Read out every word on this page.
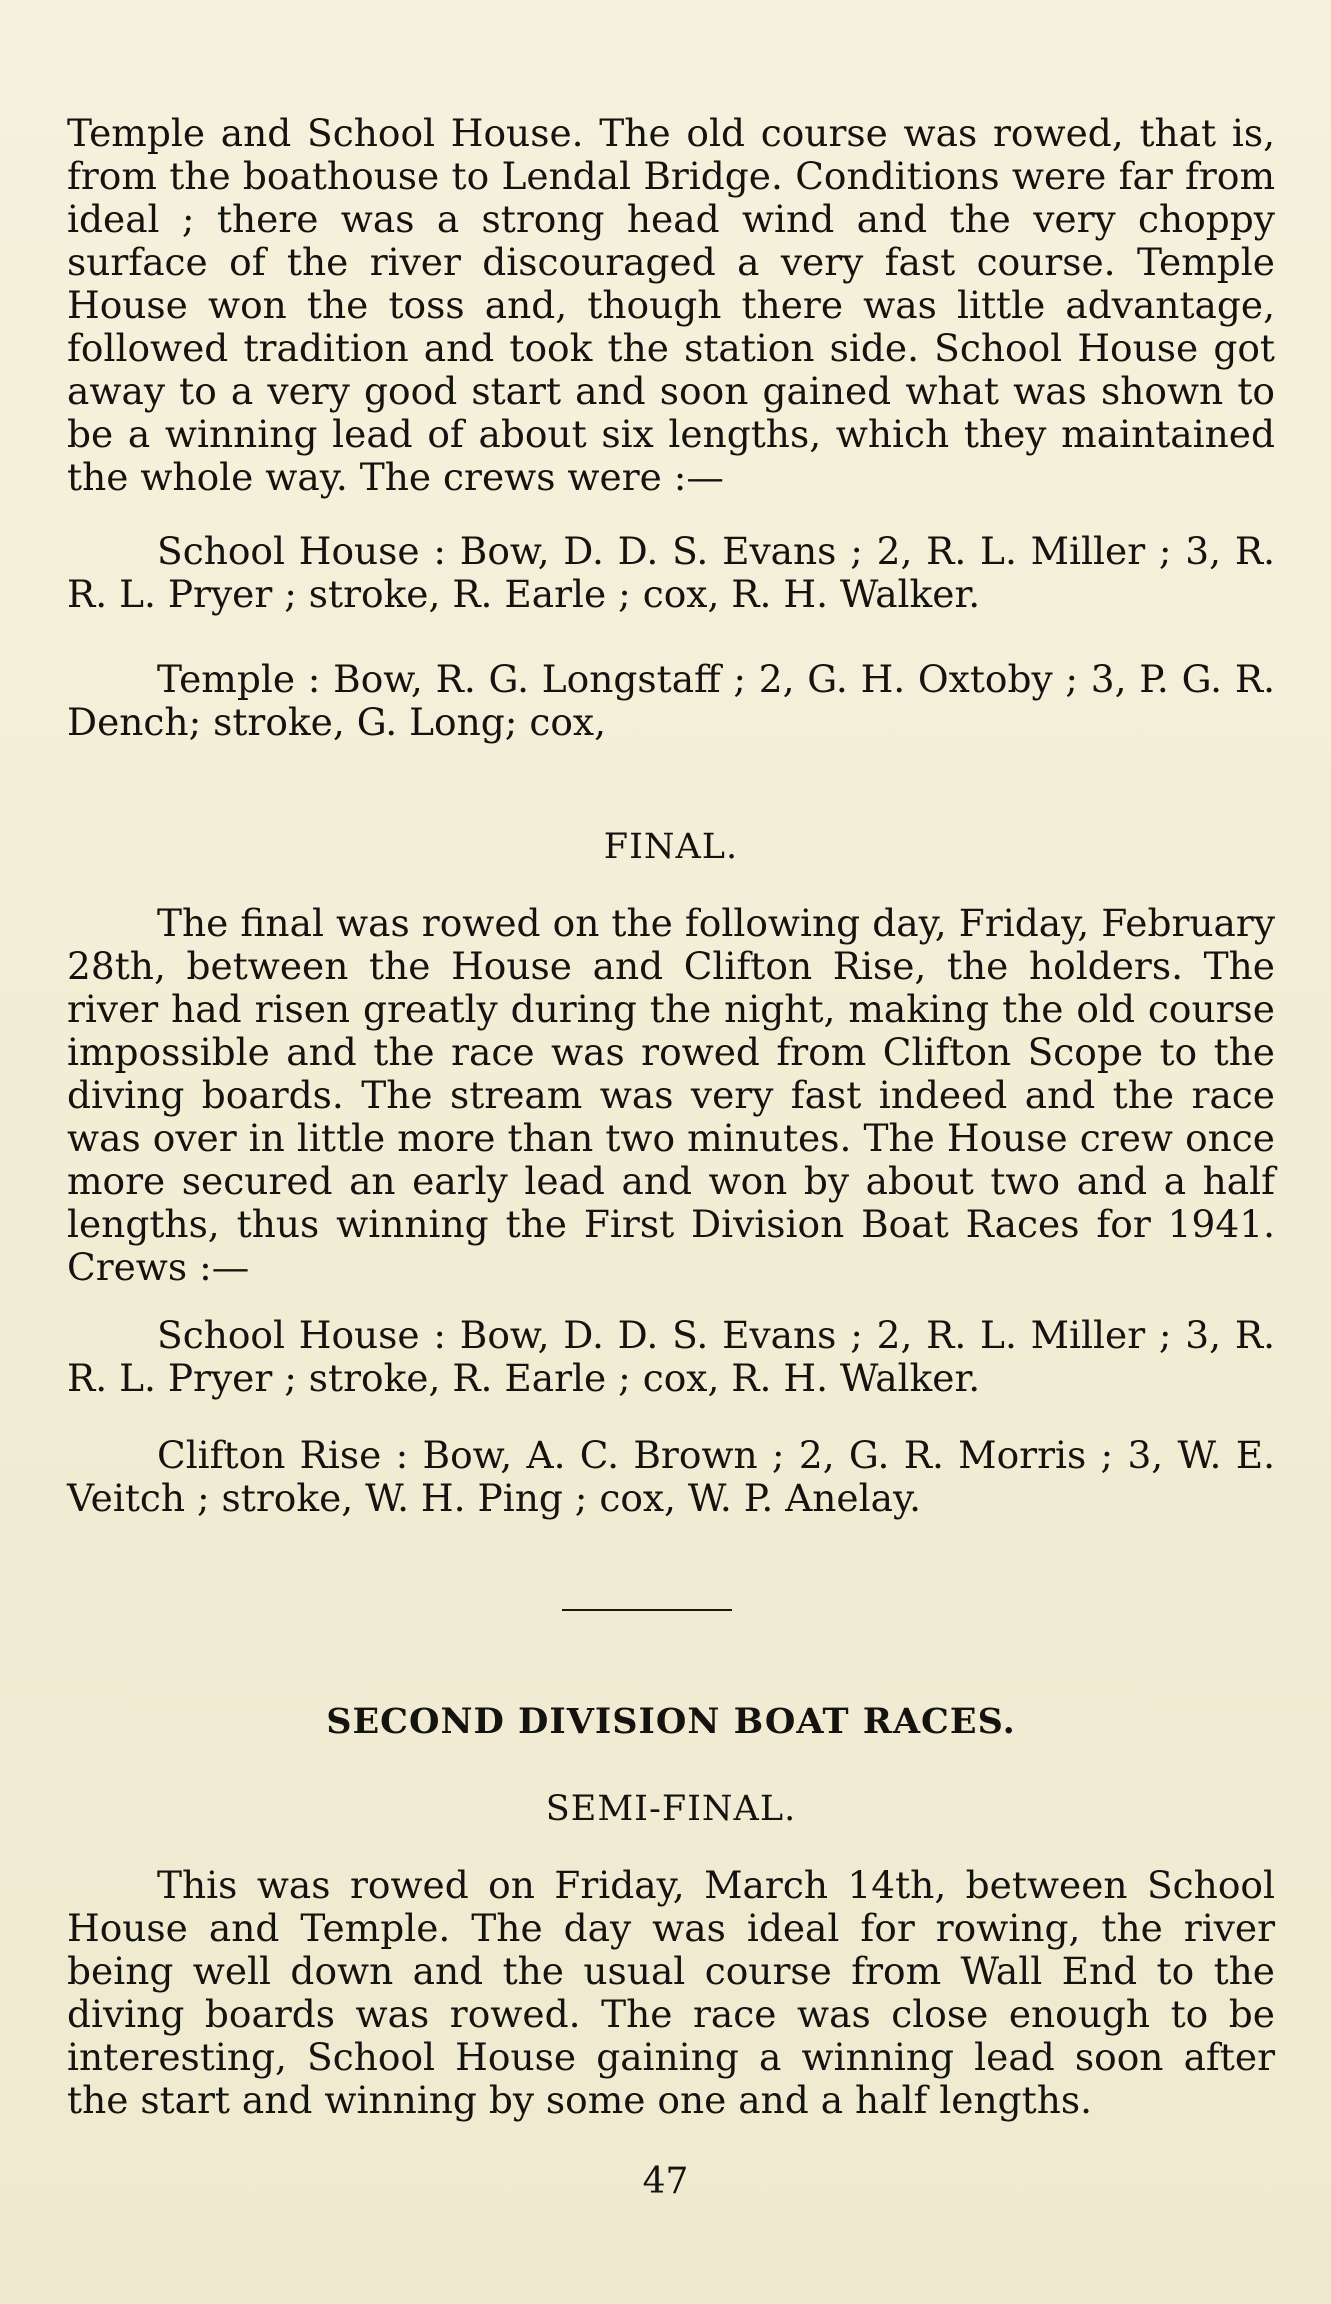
Temple and School House. The old course was rowed, that is, from the boathouse to Lendal Bridge. Conditions were far from ideal ; there was a strong head wind and the very choppy surface of the river discouraged a very fast course. Temple House won the toss and, though there was little advantage, followed tradition and took the station side. School House got away to a very good start and soon gained what was shown to be a winning lead of about six lengths, which they maintained the whole way. The crews were :—

School House : Bow, D. D. S. Evans ; 2, R. L. Miller ; 3, R. R. L. Pryer ; stroke, R. Earle ; cox, R. H. Walker.

Temple : Bow, R. G. Longstaff ; 2, G. H. Oxtoby ; 3, P. G. R. Dench; stroke, G. Long; cox,

FINAL.

The final was rowed on the following day, Friday, February 28th, between the House and Clifton Rise, the holders. The river had risen greatly during the night, making the old course impossible and the race was rowed from Clifton Scope to the diving boards. The stream was very fast indeed and the race was over in little more than two minutes. The House crew once more secured an early lead and won by about two and a half lengths, thus winning the First Division Boat Races for 1941. Crews :—

School House : Bow, D. D. S. Evans ; 2, R. L. Miller ; 3, R. R. L. Pryer ; stroke, R. Earle ; cox, R. H. Walker.

Clifton Rise : Bow, A. C. Brown ; 2, G. R. Morris ; 3, W. E. Veitch ; stroke, W. H. Ping ; cox, W. P. Anelay.

SECOND DIVISION BOAT RACES.

SEMI-FINAL.

This was rowed on Friday, March 14th, between School House and Temple. The day was ideal for rowing, the river being well down and the usual course from Wall End to the diving boards was rowed. The race was close enough to be interesting, School House gaining a winning lead soon after the start and winning by some one and a half lengths.

47
